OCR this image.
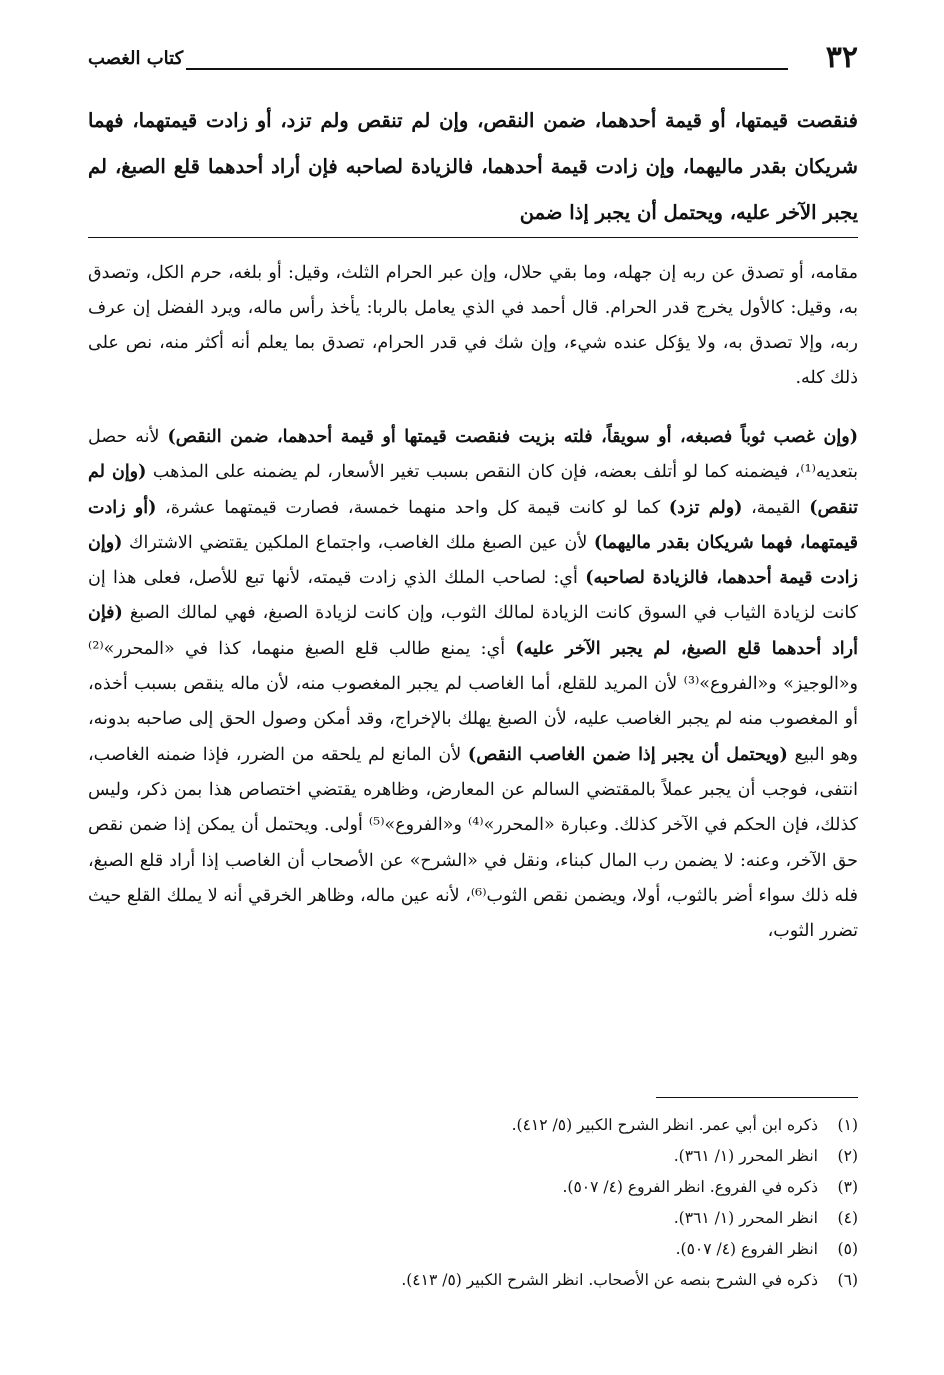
٣٢
كتاب الغصب

فنقصت قيمتها، أو قيمة أحدهما، ضمن النقص، وإن لم تنقص ولم تزد، أو زادت قيمتهما، فهما شريكان بقدر ماليهما، وإن زادت قيمة أحدهما، فالزيادة لصاحبه فإن أراد أحدهما قلع الصبغ، لم يجبر الآخر عليه، ويحتمل أن يجبر إذا ضمن

مقامه، أو تصدق عن ربه إن جهله، وما بقي حلال، وإن عبر الحرام الثلث، وقيل: أو بلغه، حرم الكل، وتصدق به، وقيل: كالأول يخرج قدر الحرام. قال أحمد في الذي يعامل بالربا: يأخذ رأس ماله، ويرد الفضل إن عرف ربه، وإلا تصدق به، ولا يؤكل عنده شيء، وإن شك في قدر الحرام، تصدق بما يعلم أنه أكثر منه، نص على ذلك كله.

(وإن غصب ثوباً فصبغه، أو سويقاً، فلته بزيت فنقصت قيمتها أو قيمة أحدهما، ضمن النقص) لأنه حصل بتعديه⁽¹⁾، فيضمنه كما لو أتلف بعضه، فإن كان النقص بسبب تغير الأسعار، لم يضمنه على المذهب (وإن لم تنقص) القيمة، (ولم تزد) كما لو كانت قيمة كل واحد منهما خمسة، فصارت قيمتهما عشرة، (أو زادت قيمتهما، فهما شريكان بقدر ماليهما) لأن عين الصبغ ملك الغاصب، واجتماع الملكين يقتضي الاشتراك (وإن زادت قيمة أحدهما، فالزيادة لصاحبه) أي: لصاحب الملك الذي زادت قيمته، لأنها تبع للأصل، فعلى هذا إن كانت لزيادة الثياب في السوق كانت الزيادة لمالك الثوب، وإن كانت لزيادة الصبغ، فهي لمالك الصبغ (فإن أراد أحدهما قلع الصبغ، لم يجبر الآخر عليه) أي: يمنع طالب قلع الصبغ منهما، كذا في «المحرر»⁽²⁾ و«الوجيز» و«الفروع»⁽³⁾ لأن المريد للقلع، أما الغاصب لم يجبر المغصوب منه، لأن ماله ينقص بسبب أخذه، أو المغصوب منه لم يجبر الغاصب عليه، لأن الصبغ يهلك بالإخراج، وقد أمكن وصول الحق إلى صاحبه بدونه، وهو البيع (ويحتمل أن يجبر إذا ضمن الغاصب النقص) لأن المانع لم يلحقه من الضرر، فإذا ضمنه الغاصب، انتفى، فوجب أن يجبر عملاً بالمقتضي السالم عن المعارض، وظاهره يقتضي اختصاص هذا بمن ذكر، وليس كذلك، فإن الحكم في الآخر كذلك. وعبارة «المحرر»⁽⁴⁾ و«الفروع»⁽⁵⁾ أولى. ويحتمل أن يمكن إذا ضمن نقص حق الآخر، وعنه: لا يضمن رب المال كبناء، ونقل في «الشرح» عن الأصحاب أن الغاصب إذا أراد قلع الصبغ، فله ذلك سواء أضر بالثوب، أولا، ويضمن نقص الثوب⁽⁶⁾، لأنه عين ماله، وظاهر الخرقي أنه لا يملك القلع حيث تضرر الثوب،

(١)
ذكره ابن أبي عمر. انظر الشرح الكبير (٥/ ٤١٢).
(٢)
انظر المحرر (١/ ٣٦١).
(٣)
ذكره في الفروع. انظر الفروع (٤/ ٥٠٧).
(٤)
انظر المحرر (١/ ٣٦١).
(٥)
انظر الفروع (٤/ ٥٠٧).
(٦)
ذكره في الشرح بنصه عن الأصحاب. انظر الشرح الكبير (٥/ ٤١٣).
